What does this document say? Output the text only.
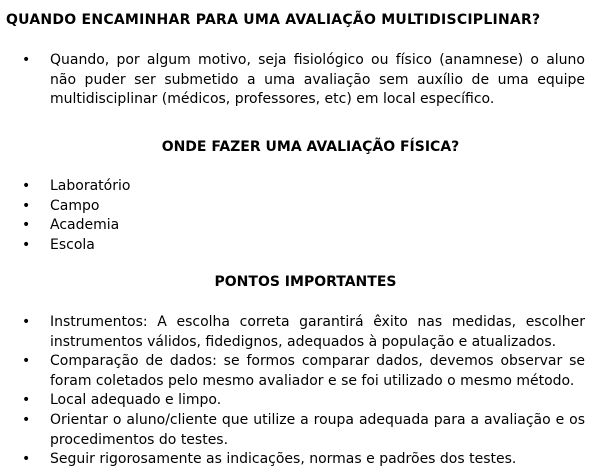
QUANDO ENCAMINHAR PARA UMA AVALIAÇÃO MULTIDISCIPLINAR?
• Quando, por algum motivo, seja fisiológico ou físico (anamnese) o aluno não puder ser submetido a uma avaliação sem auxílio de uma equipe multidisciplinar (médicos, professores, etc) em local específico.
ONDE FAZER UMA AVALIAÇÃO FÍSICA?
• Laboratório
• Campo
• Academia
• Escola
PONTOS IMPORTANTES
• Instrumentos: A escolha correta garantirá êxito nas medidas, escolher instrumentos válidos, fidedignos, adequados à população e atualizados.
• Comparação de dados: se formos comparar dados, devemos observar se foram coletados pelo mesmo avaliador e se foi utilizado o mesmo método.
• Local adequado e limpo.
• Orientar o aluno/cliente que utilize a roupa adequada para a avaliação e os procedimentos do testes.
• Seguir rigorosamente as indicações, normas e padrões dos testes.
